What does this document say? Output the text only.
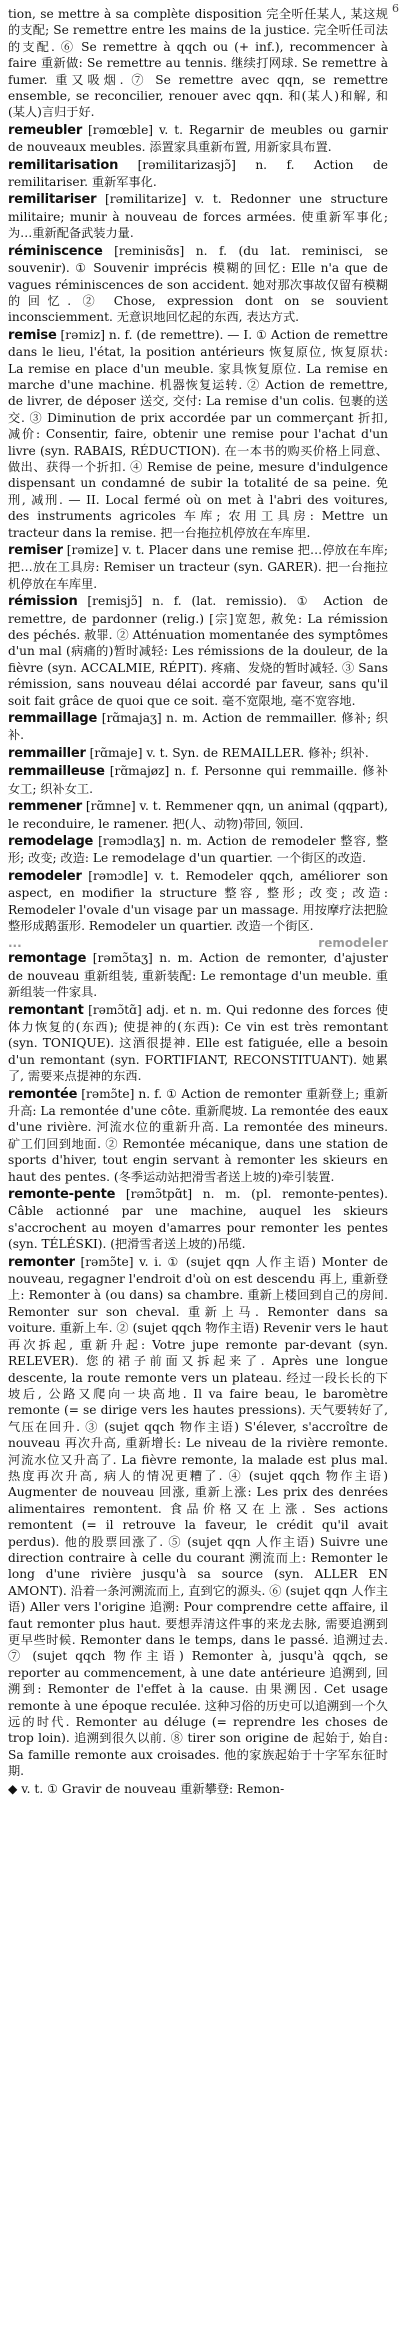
6

tion, se mettre à sa complète disposition 完全听任某人, 某这规的支配; Se remettre entre les mains de la justice. 完全听任司法的支配. ⑥ Se remettre à qqch ou (+ inf.), recommencer à faire 重新做: Se remettre au tennis. 继续打网球. Se remettre à fumer. 重又吸烟. ⑦ Se remettre avec qqn, se remettre ensemble, se reconcilier, renouer avec qqn. 和(某人)和解, 和(某人)言归于好.

remeubler [rəmœble] v. t. Regarnir de meubles ou garnir de nouveaux meubles. 添置家具重新布置, 用新家具布置.

remilitarisation [rəmilitarizasjɔ̃] n. f. Action de remilitariser. 重新军事化.

remilitariser [rəmilitarize] v. t. Redonner une structure militaire; munir à nouveau de forces armées. 使重新军事化; 为…重新配备武装力量.

réminiscence [reminisɑ̃s] n. f. (du lat. reminisci, se souvenir). ① Souvenir imprécis 模糊的回忆: Elle n'a que de vagues réminiscences de son accident. 她对那次事故仅留有模糊的回忆. ② Chose, expression dont on se souvient inconsciemment. 无意识地回忆起的东西, 表达方式.

remise [rəmiz] n. f. (de remettre). — I. ① Action de remettre dans le lieu, l'état, la position antérieurs 恢复原位, 恢复原状: La remise en place d'un meuble. 家具恢复原位. La remise en marche d'une machine. 机器恢复运转. ② Action de remettre, de livrer, de déposer 送交, 交付: La remise d'un colis. 包裹的送交. ③ Diminution de prix accordée par un commerçant 折扣, 减价: Consentir, faire, obtenir une remise pour l'achat d'un livre (syn. RABAIS, RÉDUCTION). 在一本书的购买价格上同意、做出、获得一个折扣. ④ Remise de peine, mesure d'indulgence dispensant un condamné de subir la totalité de sa peine. 免刑, 减刑. — II. Local fermé où on met à l'abri des voitures, des instruments agricoles 车库; 农用工具房: Mettre un tracteur dans la remise. 把一台拖拉机停放在车库里.

remiser [rəmize] v. t. Placer dans une remise 把…停放在车库; 把…放在工具房: Remiser un tracteur (syn. GARER). 把一台拖拉机停放在车库里.

rémission [remisjɔ̃] n. f. (lat. remissio). ① Action de remettre, de pardonner (relig.) [宗]宽恕, 赦免: La rémission des péchés. 赦罪. ② Atténuation momentanée des symptômes d'un mal (病痛的)暂时减轻: Les rémissions de la douleur, de la fièvre (syn. ACCALMIE, RÉPIT). 疼痛、发烧的暂时减轻. ③ Sans rémission, sans nouveau délai accordé par faveur, sans qu'il soit fait grâce de quoi que ce soit. 毫不宽限地, 毫不宽容地.

remmaillage [rɑ̃majaʒ] n. m. Action de remmailler. 修补; 织补.

remmailler [rɑ̃maje] v. t. Syn. de REMAILLER. 修补; 织补.

remmailleuse [rɑ̃majøz] n. f. Personne qui remmaille. 修补女工; 织补女工.

remmener [rɑ̃mne] v. t. Remmener qqn, un animal (qqpart), le reconduire, le ramener. 把(人、动物)带回, 领回.

remodelage [rəmɔdlaʒ] n. m. Action de remodeler 整容, 整形; 改变; 改造: Le remodelage d'un quartier. 一个街区的改造.

remodeler [rəmɔdle] v. t. Remodeler qqch, améliorer son aspect, en modifier la structure 整容, 整形; 改变; 改造: Remodeler l'ovale d'un visage par un massage. 用按摩疗法把脸整形成鹅蛋形. Remodeler un quartier. 改造一个街区.

...	remodeler

remontage [rəmɔ̃taʒ] n. m. Action de remonter, d'ajuster de nouveau 重新组装, 重新装配: Le remontage d'un meuble. 重新组装一件家具.

remontant [rəmɔ̃tɑ̃] adj. et n. m. Qui redonne des forces 使体力恢复的(东西); 使提神的(东西): Ce vin est très remontant (syn. TONIQUE). 这酒很提神. Elle est fatiguée, elle a besoin d'un remontant (syn. FORTIFIANT, RECONSTITUANT). 她累了, 需要来点提神的东西.

remontée [rəmɔ̃te] n. f. ① Action de remonter 重新登上; 重新升高: La remontée d'une côte. 重新爬坡. La remontée des eaux d'une rivière. 河流水位的重新升高. La remontée des mineurs. 矿工们回到地面. ② Remontée mécanique, dans une station de sports d'hiver, tout engin servant à remonter les skieurs en haut des pentes. (冬季运动站把滑雪者送上坡的)牵引装置.

remonte-pente [rəmɔ̃tpɑ̃t] n. m. (pl. remonte-pentes). Câble actionné par une machine, auquel les skieurs s'accrochent au moyen d'amarres pour remonter les pentes (syn. TÉLÉSKI). (把滑雪者送上坡的)吊缆.

remonter [rəmɔ̃te] v. i. ① (sujet qqn 人作主语) Monter de nouveau, regagner l'endroit d'où on est descendu 再上, 重新登上: Remonter à (ou dans) sa chambre. 重新上楼回到自己的房间. Remonter sur son cheval. 重新上马. Remonter dans sa voiture. 重新上车. ② (sujet qqch 物作主语) Revenir vers le haut 再次拆起, 重新升起: Votre jupe remonte par-devant (syn. RELEVER). 您的裙子前面又拆起来了. Après une longue descente, la route remonte vers un plateau. 经过一段长长的下坡后, 公路又爬向一块高地. Il va faire beau, le baromètre remonte (= se dirige vers les hautes pressions). 天气要转好了, 气压在回升. ③ (sujet qqch 物作主语) S'élever, s'accroître de nouveau 再次升高, 重新增长: Le niveau de la rivière remonte. 河流水位又升高了. La fièvre remonte, la malade est plus mal. 热度再次升高, 病人的情况更糟了. ④ (sujet qqch 物作主语) Augmenter de nouveau 回涨, 重新上涨: Les prix des denrées alimentaires remontent. 食品价格又在上涨. Ses actions remontent (= il retrouve la faveur, le crédit qu'il avait perdus). 他的股票回涨了. ⑤ (sujet qqn 人作主语) Suivre une direction contraire à celle du courant 溯流而上: Remonter le long d'une rivière jusqu'à sa source (syn. ALLER EN AMONT). 沿着一条河溯流而上, 直到它的源头. ⑥ (sujet qqn 人作主语) Aller vers l'origine 追溯: Pour comprendre cette affaire, il faut remonter plus haut. 要想弄清这件事的来龙去脉, 需要追溯到更早些时候. Remonter dans le temps, dans le passé. 追溯过去. ⑦ (sujet qqch 物作主语) Remonter à, jusqu'à qqch, se reporter au commencement, à une date antérieure 追溯到, 回溯到: Remonter de l'effet à la cause. 由果溯因. Cet usage remonte à une époque reculée. 这种习俗的历史可以追溯到一个久远的时代. Remonter au déluge (= reprendre les choses de trop loin). 追溯到很久以前. ⑧ tirer son origine de 起始于, 始自: Sa famille remonte aux croisades. 他的家族起始于十字军东征时期.

◆ v. t. ① Gravir de nouveau 重新攀登: Remon-
